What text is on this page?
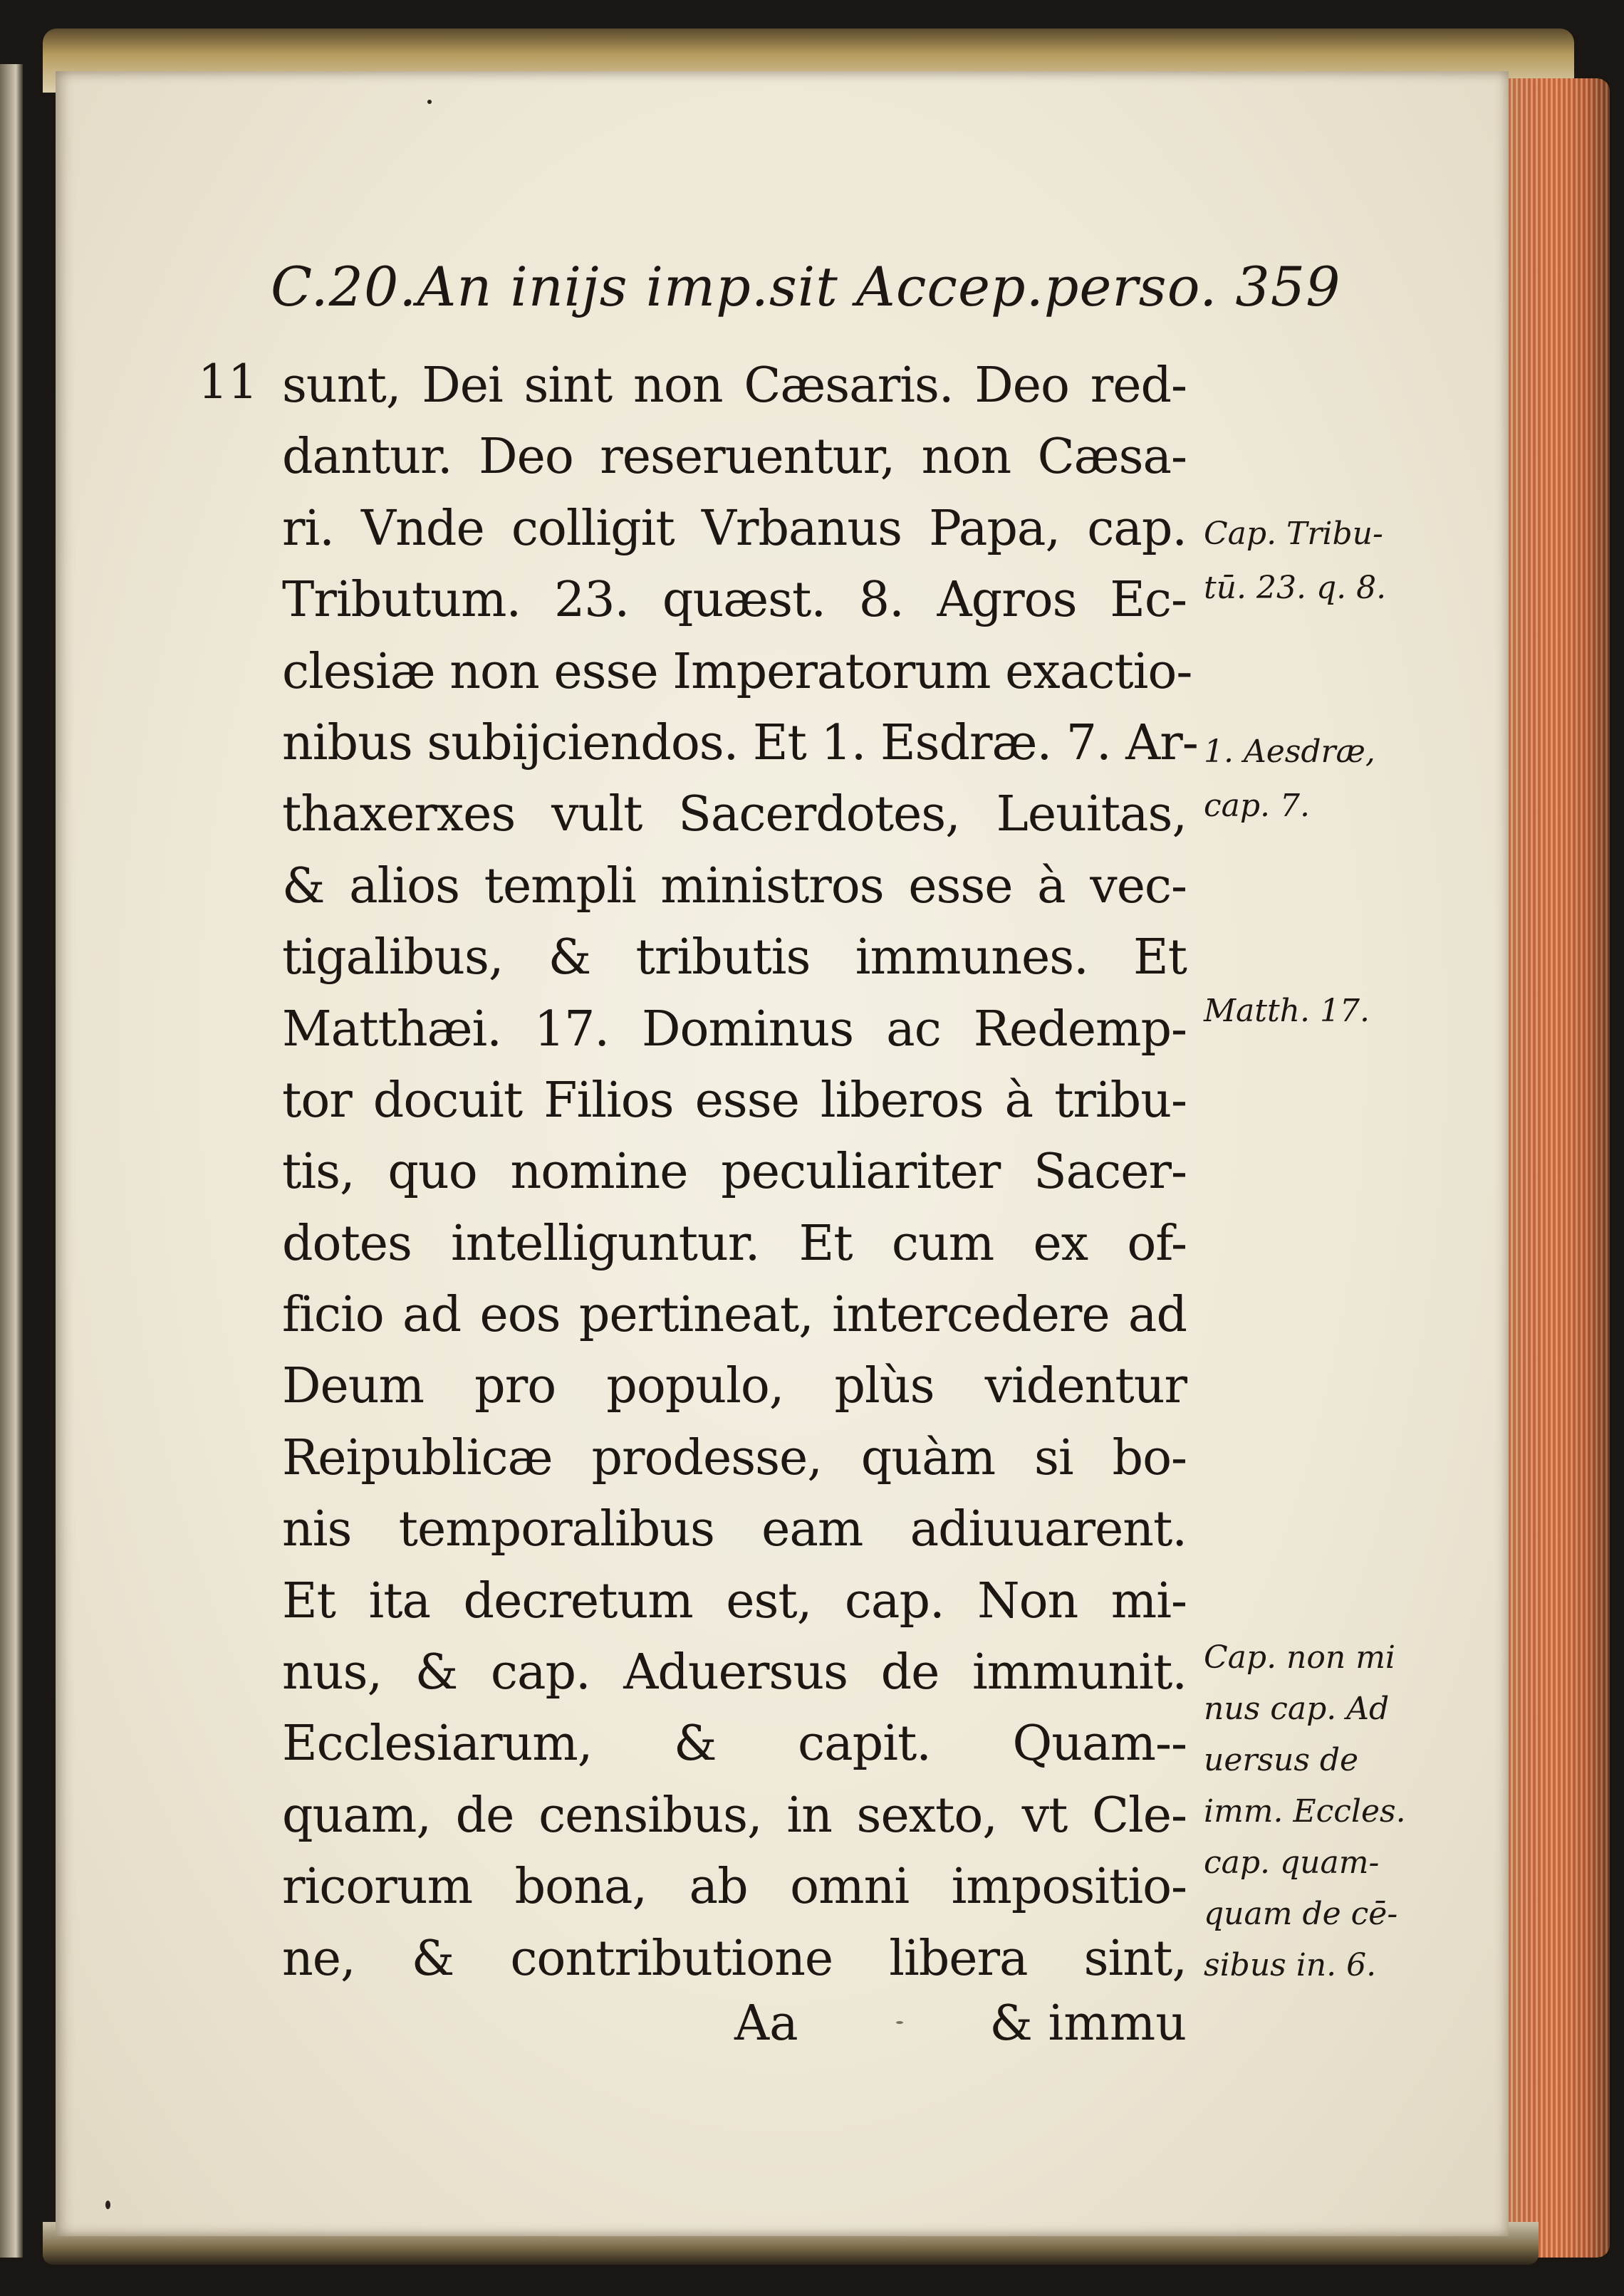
C.20.An inijs imp.sit Accep.perso. 359

11 sunt, Dei sint non Cæsaris. Deo red-
dantur. Deo reseruentur, non Cæsa-
ri. Vnde colligit Vrbanus Papa, cap.
Tributum. 23. quæst. 8. Agros Ec-
clesiæ non esse Imperatorum exactio-
nibus subijciendos. Et 1. Esdræ. 7. Ar-
thaxerxes vult Sacerdotes, Leuitas,
& alios templi ministros esse à vec-
tigalibus, & tributis immunes. Et
Matthæi. 17. Dominus ac Redemp-
tor docuit Filios esse liberos à tribu-
tis, quo nomine peculiariter Sacer-
dotes intelliguntur. Et cum ex of-
ficio ad eos pertineat, intercedere ad
Deum pro populo, plùs videntur
Reipublicæ prodesse, quàm si bo-
nis temporalibus eam adiuuarent.
Et ita decretum est, cap. Non mi-
nus, & cap. Aduersus de immunit.
Ecclesiarum, & capit. Quam--
quam, de censibus, in sexto, vt Cle-
ricorum bona, ab omni impositio-
ne, & contributione libera sint,
Aa	& immu
Cap. Tribu-
tū. 23. q. 8.
1. Aesdræ,
cap. 7.
Matth. 17.
Cap. non mi
nus cap. Ad
uersus de
imm. Eccles.
cap. quam-
quam de cē-
sibus in. 6.
